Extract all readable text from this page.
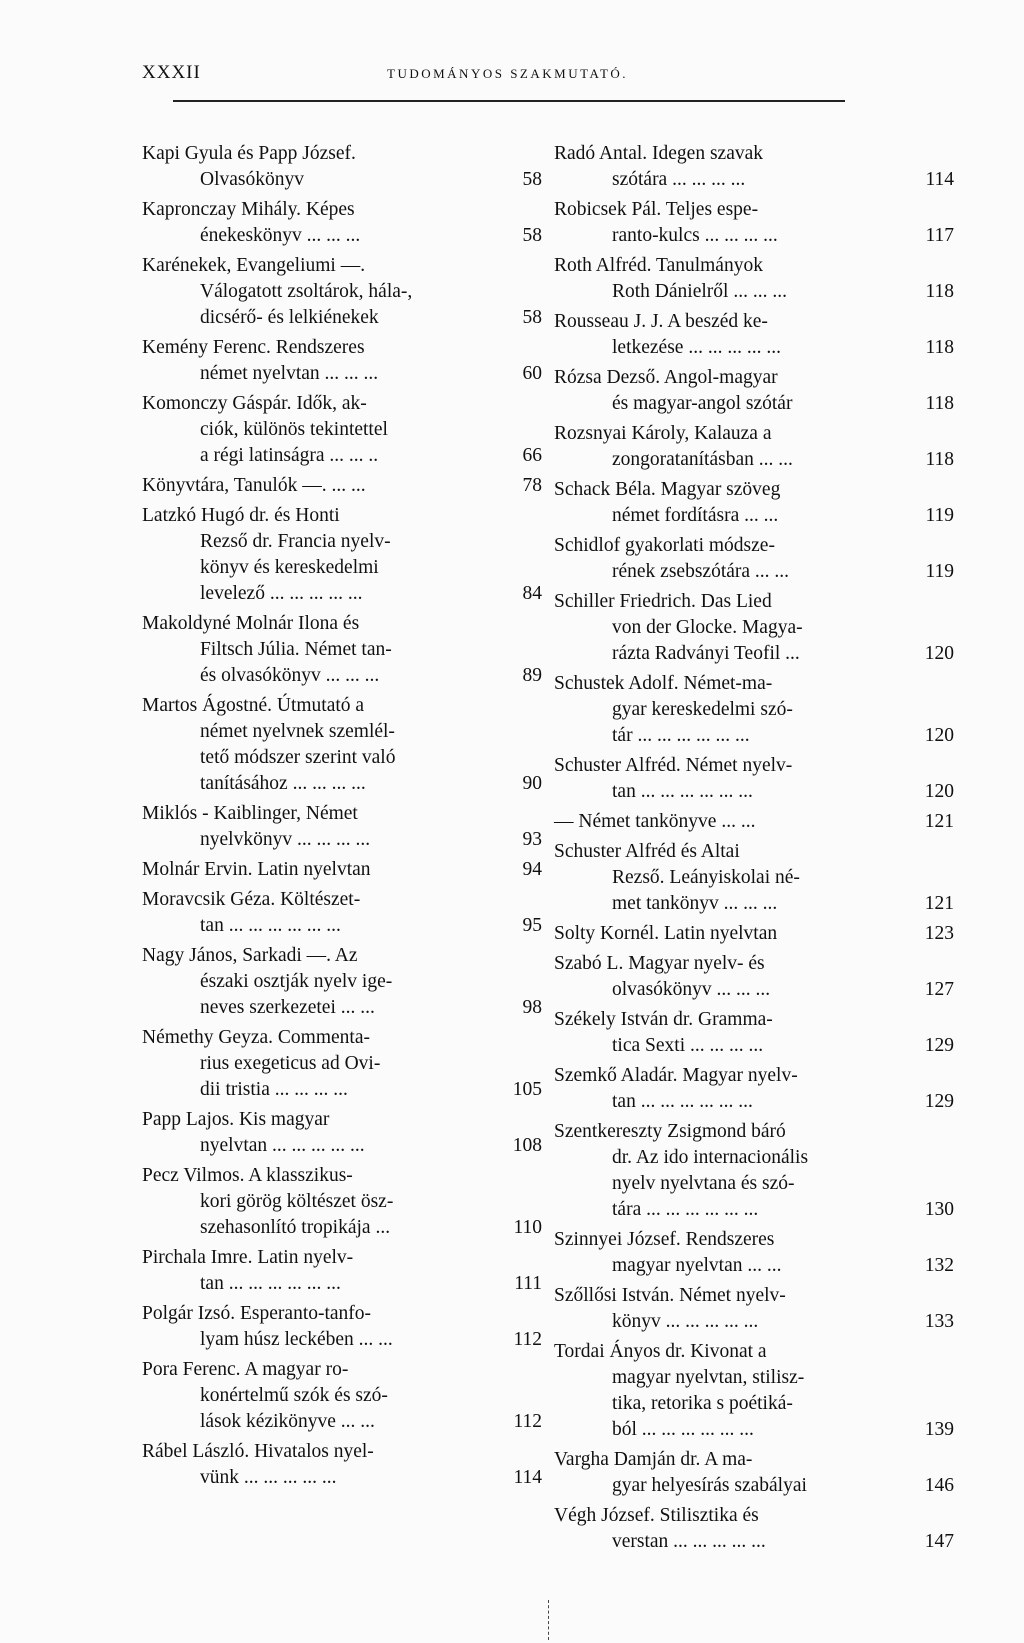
XXXII	TUDOMÁNYOS SZAKMUTATÓ.
Kapi Gyula és Papp József.
Olvasókönyv	58
Kapronczay Mihály. Képes
énekeskönyv ... ... ...	58
Karénekek, Evangeliumi —.
Válogatott zsoltárok, hála-,
dicsérő- és lelkiénekek	58
Kemény Ferenc. Rendszeres
német nyelvtan ... ... ...	60
Komonczy Gáspár. Idők, ak-
ciók, különös tekintettel
a régi latinságra ... ... ..	66
Könyvtára, Tanulók —. ... ...	78
Latzkó Hugó dr. és Honti
Rezső dr. Francia nyelv-
könyv és kereskedelmi
levelező ... ... ... ... ...	84
Makoldyné Molnár Ilona és
Filtsch Júlia. Német tan-
és olvasókönyv ... ... ...	89
Martos Ágostné. Útmutató a
német nyelvnek szemlél-
tető módszer szerint való
tanításához ... ... ... ...	90
Miklós - Kaiblinger, Német
nyelvkönyv ... ... ... ...	93
Molnár Ervin. Latin nyelvtan	94
Moravcsik Géza. Költészet-
tan ... ... ... ... ... ...	95
Nagy János, Sarkadi —. Az
északi osztják nyelv ige-
neves szerkezetei ... ...	98
Némethy Geyza. Commenta-
rius exegeticus ad Ovi-
dii tristia ... ... ... ...	105
Papp Lajos. Kis magyar
nyelvtan ... ... ... ... ...	108
Pecz Vilmos. A klasszikus-
kori görög költészet ösz-
szehasonlító tropikája ...	110
Pirchala Imre. Latin nyelv-
tan ... ... ... ... ... ...	111
Polgár Izsó. Esperanto-tanfo-
lyam húsz leckében ... ...	112
Pora Ferenc. A magyar ro-
konértelmű szók és szó-
lások kézikönyve ... ...	112
Rábel László. Hivatalos nyel-
vünk ... ... ... ... ...	114
Radó Antal. Idegen szavak
szótára ... ... ... ...	114
Robicsek Pál. Teljes espe-
ranto-kulcs ... ... ... ...	117
Roth Alfréd. Tanulmányok
Roth Dánielről ... ... ...	118
Rousseau J. J. A beszéd ke-
letkezése ... ... ... ... ...	118
Rózsa Dezső. Angol-magyar
és magyar-angol szótár	118
Rozsnyai Károly, Kalauza a
zongoratanításban ... ...	118
Schack Béla. Magyar szöveg
német fordításra ... ...	119
Schidlof gyakorlati módsze-
rének zsebszótára ... ...	119
Schiller Friedrich. Das Lied
von der Glocke. Magya-
rázta Radványi Teofil ...	120
Schustek Adolf. Német-ma-
gyar kereskedelmi szó-
tár ... ... ... ... ... ...	120
Schuster Alfréd. Német nyelv-
tan ... ... ... ... ... ...	120
— Német tankönyve ... ...	121
Schuster Alfréd és Altai
Rezső. Leányiskolai né-
met tankönyv ... ... ...	121
Solty Kornél. Latin nyelvtan	123
Szabó L. Magyar nyelv- és
olvasókönyv ... ... ...	127
Székely István dr. Gramma-
tica Sexti ... ... ... ...	129
Szemkő Aladár. Magyar nyelv-
tan ... ... ... ... ... ...	129
Szentkereszty Zsigmond báró
dr. Az ido internacionális
nyelv nyelvtana és szó-
tára ... ... ... ... ... ...	130
Szinnyei József. Rendszeres
magyar nyelvtan ... ...	132
Szőllősi István. Német nyelv-
könyv ... ... ... ... ...	133
Tordai Ányos dr. Kivonat a
magyar nyelvtan, stilisz-
tika, retorika s poétiká-
ból ... ... ... ... ... ...	139
Vargha Damján dr. A ma-
gyar helyesírás szabályai	146
Végh József. Stilisztika és
verstan ... ... ... ... ...	147
